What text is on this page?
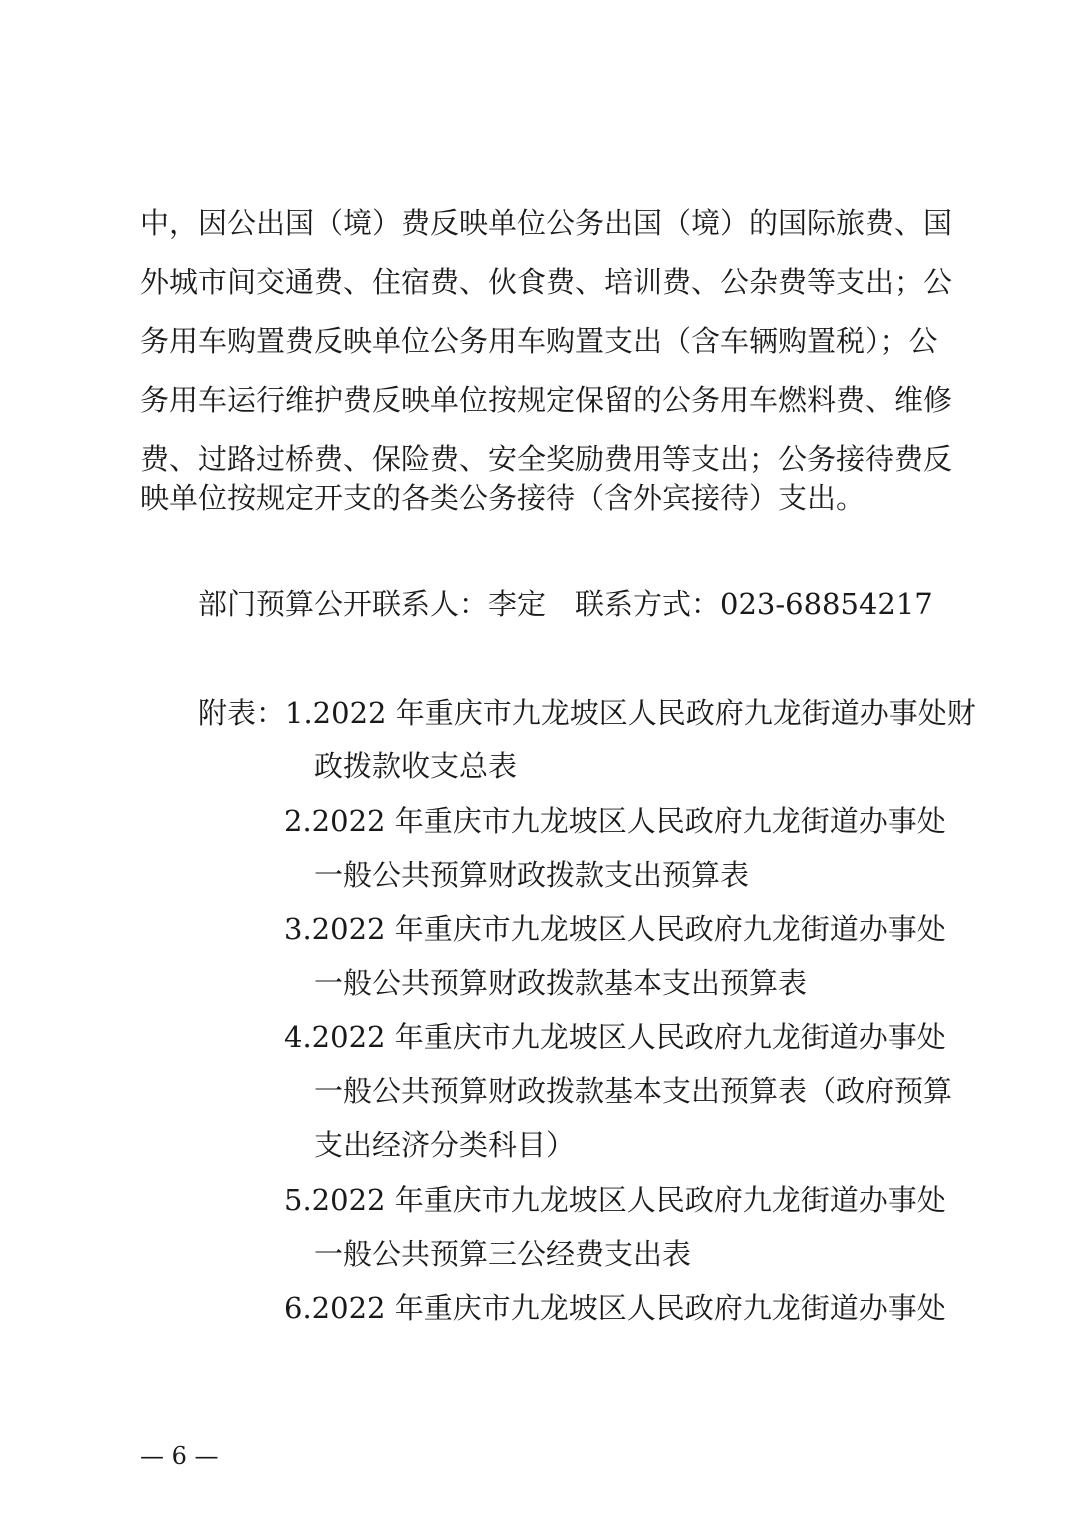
中，因公出国（境）费反映单位公务出国（境）的国际旅费、国
外城市间交通费、住宿费、伙食费、培训费、公杂费等支出；公
务用车购置费反映单位公务用车购置支出（含车辆购置税）；公
务用车运行维护费反映单位按规定保留的公务用车燃料费、维修
费、过路过桥费、保险费、安全奖励费用等支出；公务接待费反
映单位按规定开支的各类公务接待（含外宾接待）支出。
部门预算公开联系人：李定　联系方式：023-68854217
附表：1.2022 年重庆市九龙坡区人民政府九龙街道办事处财
政拨款收支总表
2.2022 年重庆市九龙坡区人民政府九龙街道办事处
一般公共预算财政拨款支出预算表
3.2022 年重庆市九龙坡区人民政府九龙街道办事处
一般公共预算财政拨款基本支出预算表
4.2022 年重庆市九龙坡区人民政府九龙街道办事处
一般公共预算财政拨款基本支出预算表（政府预算
支出经济分类科目）
5.2022 年重庆市九龙坡区人民政府九龙街道办事处
一般公共预算三公经费支出表
6.2022 年重庆市九龙坡区人民政府九龙街道办事处
— 6 —
